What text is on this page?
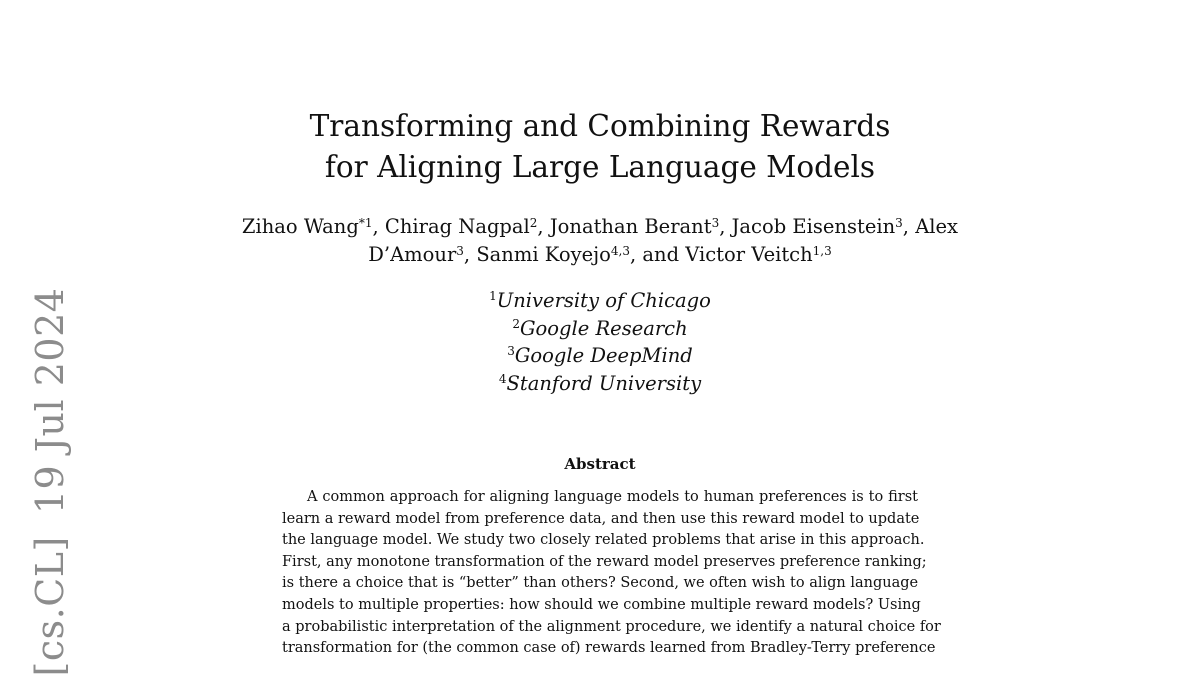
[cs.CL]19 Jul 2024
Transforming and Combining Rewards
for Aligning Large Language Models
Zihao Wang$^{*1}$, Chirag Nagpal$^2$, Jonathan Berant$^3$, Jacob Eisenstein$^3$, Alex
D’Amour$^3$, Sanmi Koyejo$^{4,3}$, and Victor Veitch$^{1,3}$
$^1$University of Chicago
$^2$Google Research
$^3$Google DeepMind
$^4$Stanford University
Abstract
A common approach for aligning language models to human preferences is to first
learn a reward model from preference data, and then use this reward model to update
the language model. We study two closely related problems that arise in this approach.
First, any monotone transformation of the reward model preserves preference ranking;
is there a choice that is “better” than others? Second, we often wish to align language
models to multiple properties: how should we combine multiple reward models? Using
a probabilistic interpretation of the alignment procedure, we identify a natural choice for
transformation for (the common case of) rewards learned from Bradley-Terry preference
